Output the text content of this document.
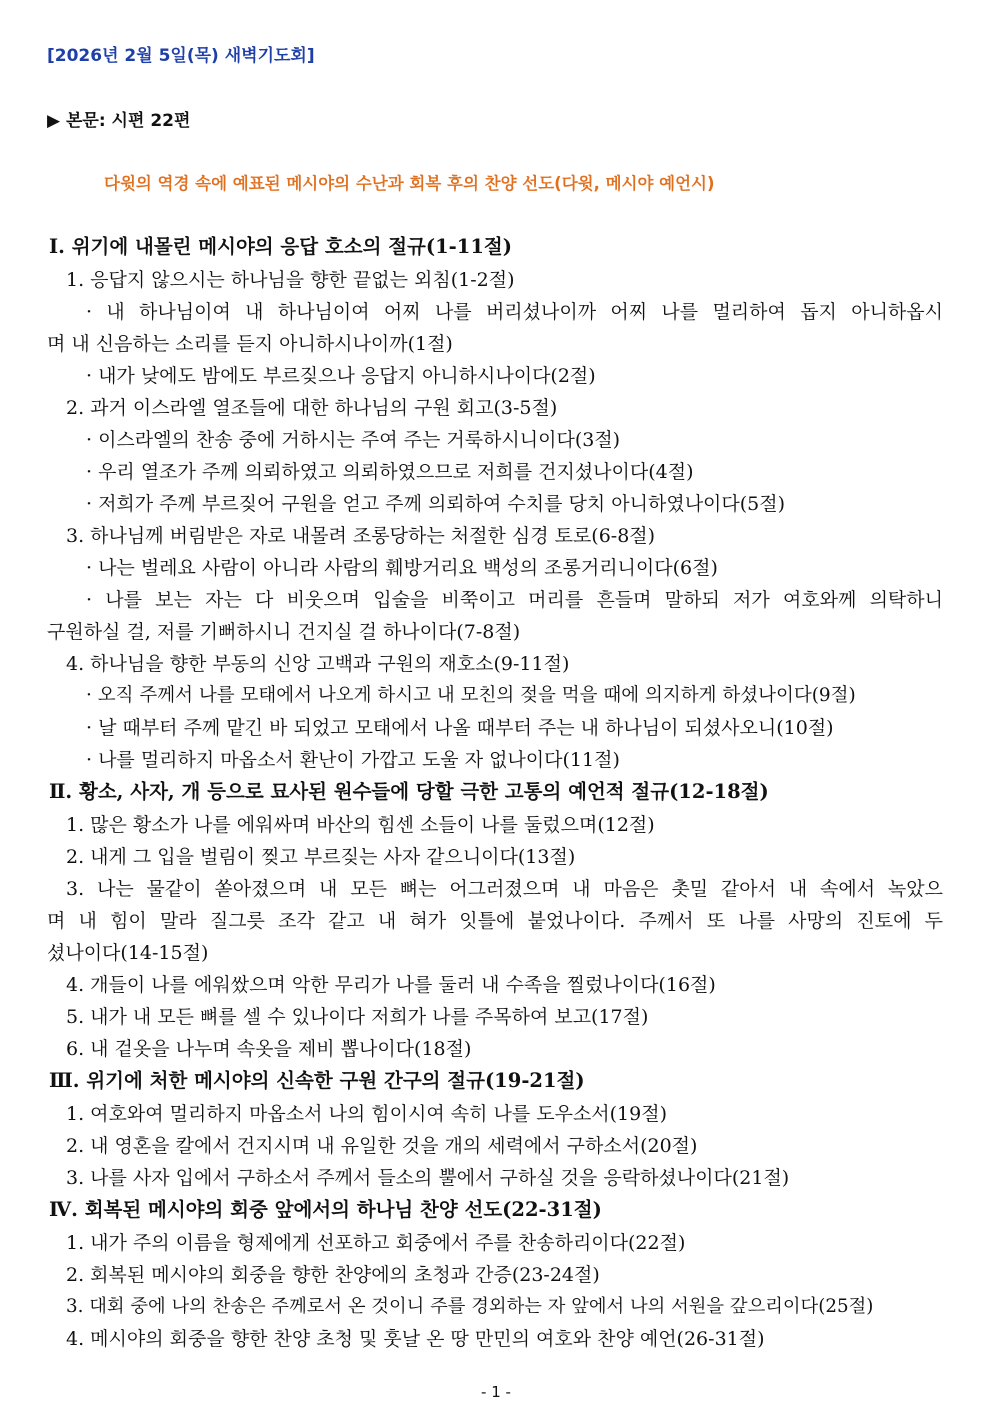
[2026년 2월 5일(목) 새벽기도회]
▶ 본문: 시편 22편
다윗의 역경 속에 예표된 메시야의 수난과 회복 후의 찬양 선도(다윗, 메시야 예언시)
Ⅰ. 위기에 내몰린 메시야의 응답 호소의 절규(1-11절)
1. 응답지 않으시는 하나님을 향한 끝없는 외침(1-2절)
· 내 하나님이여 내 하나님이여 어찌 나를 버리셨나이까 어찌 나를 멀리하여 돕지 아니하옵시
며 내 신음하는 소리를 듣지 아니하시나이까(1절)
· 내가 낮에도 밤에도 부르짖으나 응답지 아니하시나이다(2절)
2. 과거 이스라엘 열조들에 대한 하나님의 구원 회고(3-5절)
· 이스라엘의 찬송 중에 거하시는 주여 주는 거룩하시니이다(3절)
· 우리 열조가 주께 의뢰하였고 의뢰하였으므로 저희를 건지셨나이다(4절)
· 저희가 주께 부르짖어 구원을 얻고 주께 의뢰하여 수치를 당치 아니하였나이다(5절)
3. 하나님께 버림받은 자로 내몰려 조롱당하는 처절한 심경 토로(6-8절)
· 나는 벌레요 사람이 아니라 사람의 훼방거리요 백성의 조롱거리니이다(6절)
· 나를 보는 자는 다 비웃으며 입술을 비쭉이고 머리를 흔들며 말하되 저가 여호와께 의탁하니
구원하실 걸, 저를 기뻐하시니 건지실 걸 하나이다(7-8절)
4. 하나님을 향한 부동의 신앙 고백과 구원의 재호소(9-11절)
· 오직 주께서 나를 모태에서 나오게 하시고 내 모친의 젖을 먹을 때에 의지하게 하셨나이다(9절)
· 날 때부터 주께 맡긴 바 되었고 모태에서 나올 때부터 주는 내 하나님이 되셨사오니(10절)
· 나를 멀리하지 마옵소서 환난이 가깝고 도울 자 없나이다(11절)
Ⅱ. 황소, 사자, 개 등으로 묘사된 원수들에 당할 극한 고통의 예언적 절규(12-18절)
1. 많은 황소가 나를 에워싸며 바산의 힘센 소들이 나를 둘렀으며(12절)
2. 내게 그 입을 벌림이 찢고 부르짖는 사자 같으니이다(13절)
3. 나는 물같이 쏟아졌으며 내 모든 뼈는 어그러졌으며 내 마음은 촛밀 같아서 내 속에서 녹았으
며 내 힘이 말라 질그릇 조각 같고 내 혀가 잇틀에 붙었나이다. 주께서 또 나를 사망의 진토에 두
셨나이다(14-15절)
4. 개들이 나를 에워쌌으며 악한 무리가 나를 둘러 내 수족을 찔렀나이다(16절)
5. 내가 내 모든 뼈를 셀 수 있나이다 저희가 나를 주목하여 보고(17절)
6. 내 겉옷을 나누며 속옷을 제비 뽑나이다(18절)
Ⅲ. 위기에 처한 메시야의 신속한 구원 간구의 절규(19-21절)
1. 여호와여 멀리하지 마옵소서 나의 힘이시여 속히 나를 도우소서(19절)
2. 내 영혼을 칼에서 건지시며 내 유일한 것을 개의 세력에서 구하소서(20절)
3. 나를 사자 입에서 구하소서 주께서 들소의 뿔에서 구하실 것을 응락하셨나이다(21절)
Ⅳ. 회복된 메시야의 회중 앞에서의 하나님 찬양 선도(22-31절)
1. 내가 주의 이름을 형제에게 선포하고 회중에서 주를 찬송하리이다(22절)
2. 회복된 메시야의 회중을 향한 찬양에의 초청과 간증(23-24절)
3. 대회 중에 나의 찬송은 주께로서 온 것이니 주를 경외하는 자 앞에서 나의 서원을 갚으리이다(25절)
4. 메시야의 회중을 향한 찬양 초청 및 훗날 온 땅 만민의 여호와 찬양 예언(26-31절)
- 1 -
